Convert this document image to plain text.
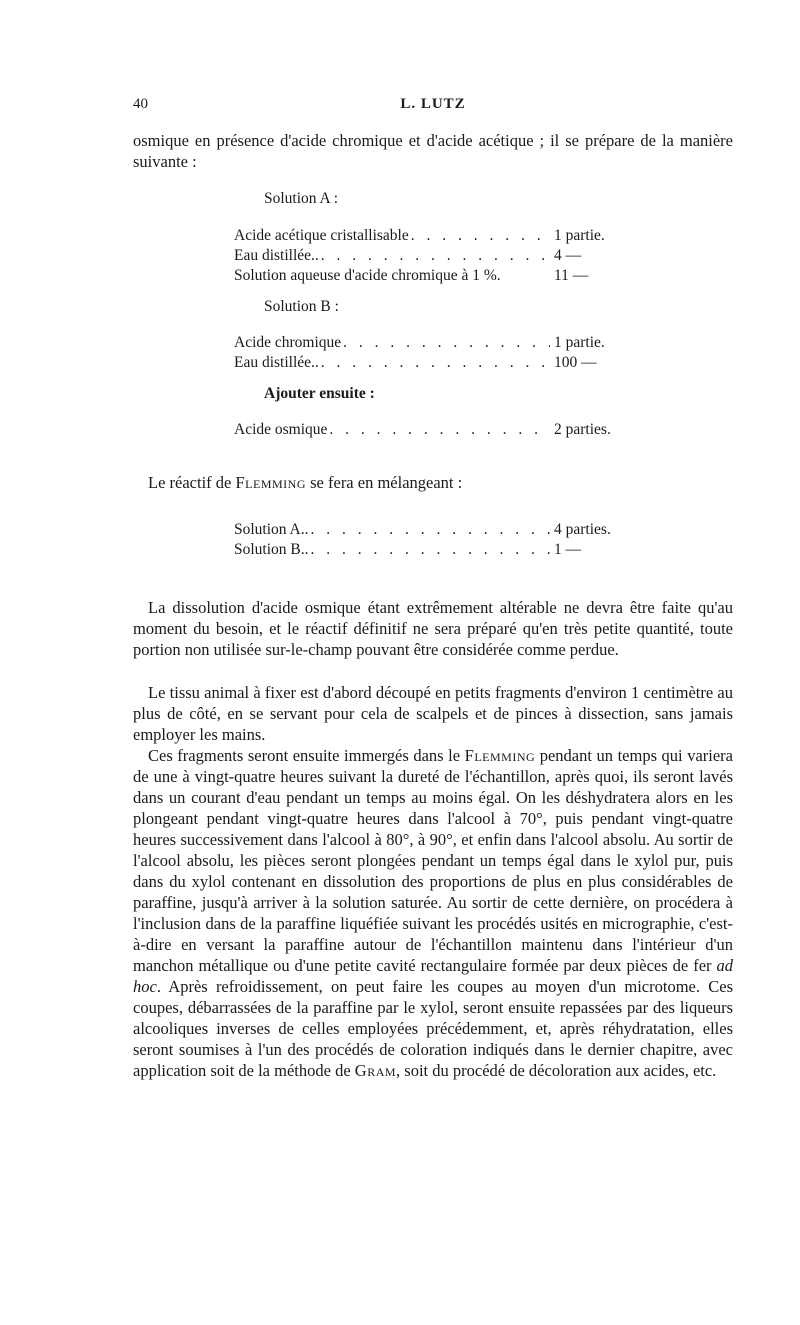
40	L. LUTZ
osmique en présence d'acide chromique et d'acide acétique ; il se prépare de la manière suivante :
Solution A :
Acide acétique cristallisable . . .	1 partie.
Eau distillée.. . . .	4 —
Solution aqueuse d'acide chromique à 1 %.	11 —
Solution B :
Acide chromique . . .	1 partie.
Eau distillée.. . . .	100 —
Ajouter ensuite :
Acide osmique . . .	2 parties.
Le réactif de Flemming se fera en mélangeant :
Solution A.. . . .	4 parties.
Solution B.. . . .	1 —
La dissolution d'acide osmique étant extrêmement altérable ne devra être faite qu'au moment du besoin, et le réactif définitif ne sera préparé qu'en très petite quantité, toute portion non utilisée sur-le-champ pouvant être considérée comme perdue.
Le tissu animal à fixer est d'abord découpé en petits fragments d'environ 1 centimètre au plus de côté, en se servant pour cela de scalpels et de pinces à dissection, sans jamais employer les mains.
Ces fragments seront ensuite immergés dans le Flemming pendant un temps qui variera de une à vingt-quatre heures suivant la dureté de l'échantillon, après quoi, ils seront lavés dans un courant d'eau pendant un temps au moins égal. On les déshydratera alors en les plongeant pendant vingt-quatre heures dans l'alcool à 70°, puis pendant vingt-quatre heures successivement dans l'alcool à 80°, à 90°, et enfin dans l'alcool absolu. Au sortir de l'alcool absolu, les pièces seront plongées pendant un temps égal dans le xylol pur, puis dans du xylol contenant en dissolution des proportions de plus en plus considérables de paraffine, jusqu'à arriver à la solution saturée. Au sortir de cette dernière, on procédera à l'inclusion dans de la paraffine liquéfiée suivant les procédés usités en micrographie, c'est-à-dire en versant la paraffine autour de l'échantillon maintenu dans l'intérieur d'un manchon métallique ou d'une petite cavité rectangulaire formée par deux pièces de fer ad hoc. Après refroidissement, on peut faire les coupes au moyen d'un microtome. Ces coupes, débarrassées de la paraffine par le xylol, seront ensuite repassées par des liqueurs alcooliques inverses de celles employées précédemment, et, après réhydratation, elles seront soumises à l'un des procédés de coloration indiqués dans le dernier chapitre, avec application soit de la méthode de Gram, soit du procédé de décoloration aux acides, etc.
